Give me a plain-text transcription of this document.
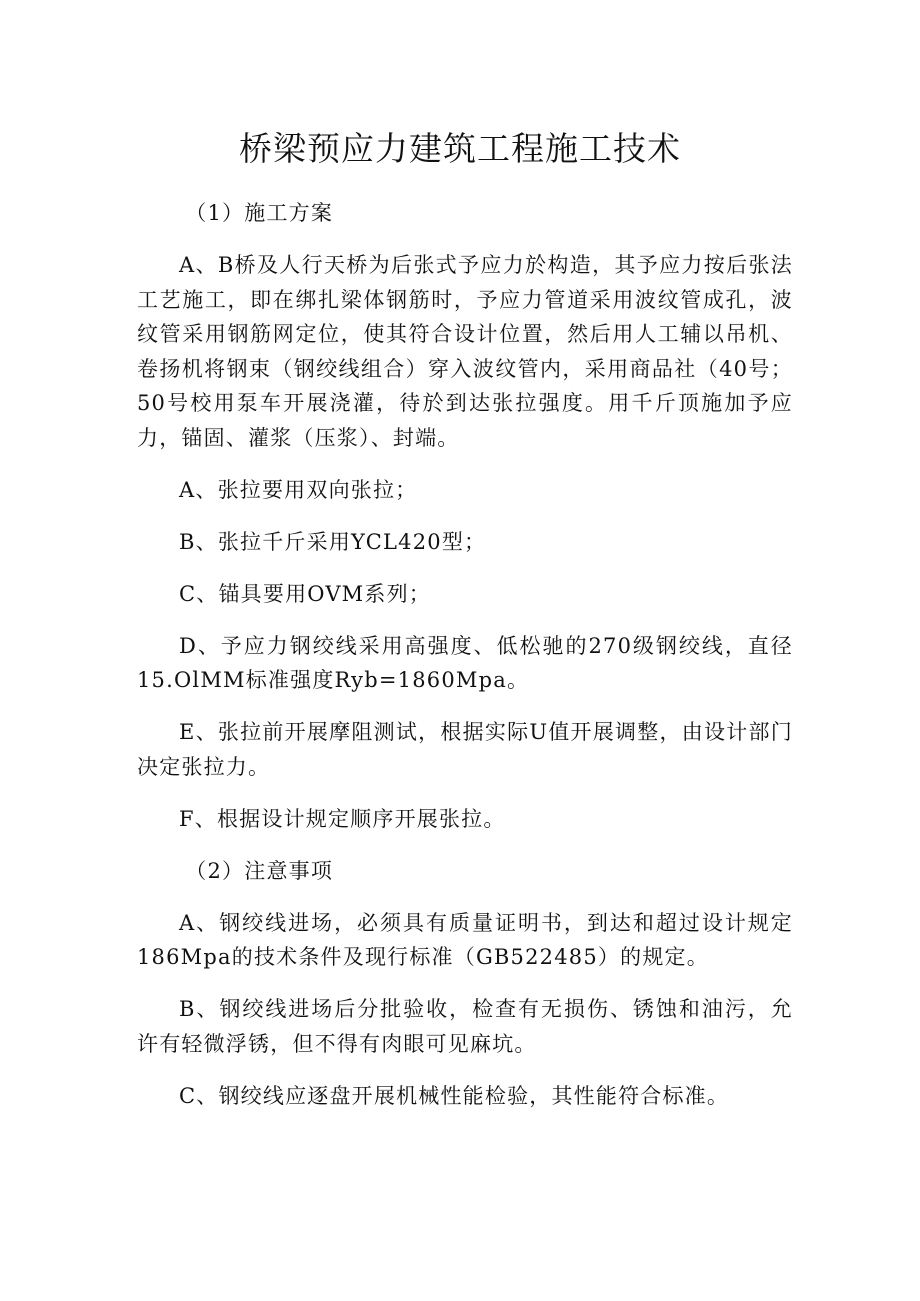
桥梁预应力建筑工程施工技术

（1）施工方案

A、B桥及人行天桥为后张式予应力於构造，其予应力按后张法工艺施工，即在绑扎梁体钢筋时，予应力管道采用波纹管成孔，波纹管采用钢筋网定位，使其符合设计位置，然后用人工辅以吊机、卷扬机将钢束（钢绞线组合）穿入波纹管内，采用商品社（40号；50号校用泵车开展浇灌，待於到达张拉强度。用千斤顶施加予应力，锚固、灌浆（压浆）、封端。

A、张拉要用双向张拉；

B、张拉千斤采用YCL420型；

C、锚具要用OVM系列；

D、予应力钢绞线采用高强度、低松驰的270级钢绞线，直径15.OlMM标准强度Ryb=1860Mpa。

E、张拉前开展摩阻测试，根据实际U值开展调整，由设计部门决定张拉力。

F、根据设计规定顺序开展张拉。

（2）注意事项

A、钢绞线进场，必须具有质量证明书，到达和超过设计规定186Mpa的技术条件及现行标准（GB522485）的规定。

B、钢绞线进场后分批验收，检查有无损伤、锈蚀和油污，允许有轻微浮锈，但不得有肉眼可见麻坑。

C、钢绞线应逐盘开展机械性能检验，其性能符合标准。
